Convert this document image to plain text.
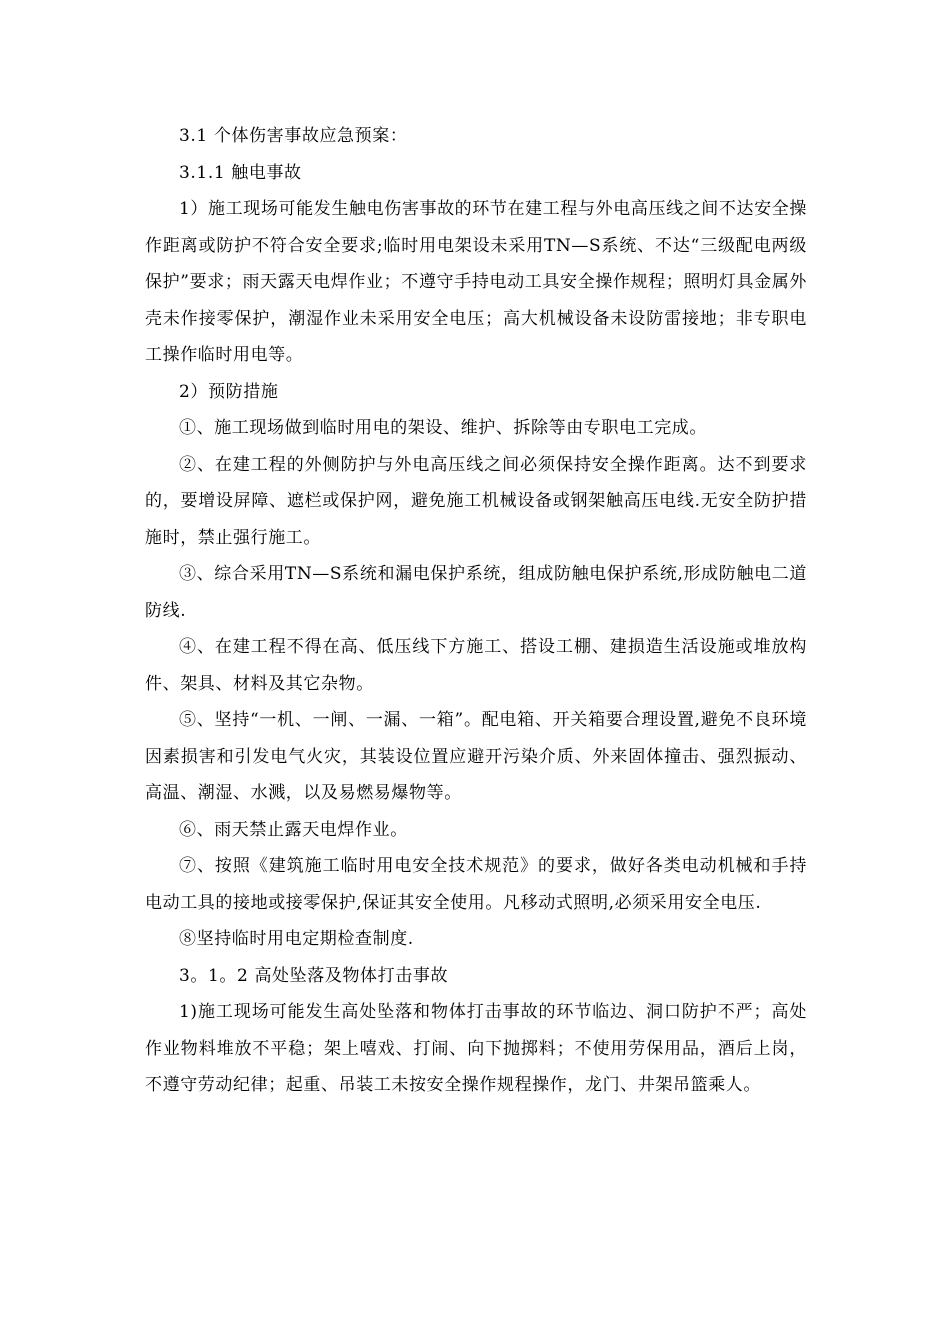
3.1 个体伤害事故应急预案：

3.1.1 触电事故

1）施工现场可能发生触电伤害事故的环节在建工程与外电高压线之间不达安全操作距离或防护不符合安全要求;临时用电架设未采用TN—S系统、不达“三级配电两级保护”要求；雨天露天电焊作业；不遵守手持电动工具安全操作规程；照明灯具金属外壳未作接零保护，潮湿作业未采用安全电压；高大机械设备未设防雷接地；非专职电工操作临时用电等。

2）预防措施

①、施工现场做到临时用电的架设、维护、拆除等由专职电工完成。

②、在建工程的外侧防护与外电高压线之间必须保持安全操作距离。达不到要求的，要增设屏障、遮栏或保护网，避免施工机械设备或钢架触高压电线.无安全防护措施时，禁止强行施工。

③、综合采用TN—S系统和漏电保护系统，组成防触电保护系统,形成防触电二道防线.

④、在建工程不得在高、低压线下方施工、搭设工棚、建损造生活设施或堆放构件、架具、材料及其它杂物。

⑤、坚持“一机、一闸、一漏、一箱”。配电箱、开关箱要合理设置,避免不良环境因素损害和引发电气火灾，其装设位置应避开污染介质、外来固体撞击、强烈振动、高温、潮湿、水溅，以及易燃易爆物等。

⑥、雨天禁止露天电焊作业。

⑦、按照《建筑施工临时用电安全技术规范》的要求，做好各类电动机械和手持电动工具的接地或接零保护,保证其安全使用。凡移动式照明,必须采用安全电压.

⑧坚持临时用电定期检查制度.

3。1。2 高处坠落及物体打击事故

1)施工现场可能发生高处坠落和物体打击事故的环节临边、洞口防护不严；高处作业物料堆放不平稳；架上嘻戏、打闹、向下抛掷料；不使用劳保用品，酒后上岗，不遵守劳动纪律；起重、吊装工未按安全操作规程操作，龙门、井架吊篮乘人。
